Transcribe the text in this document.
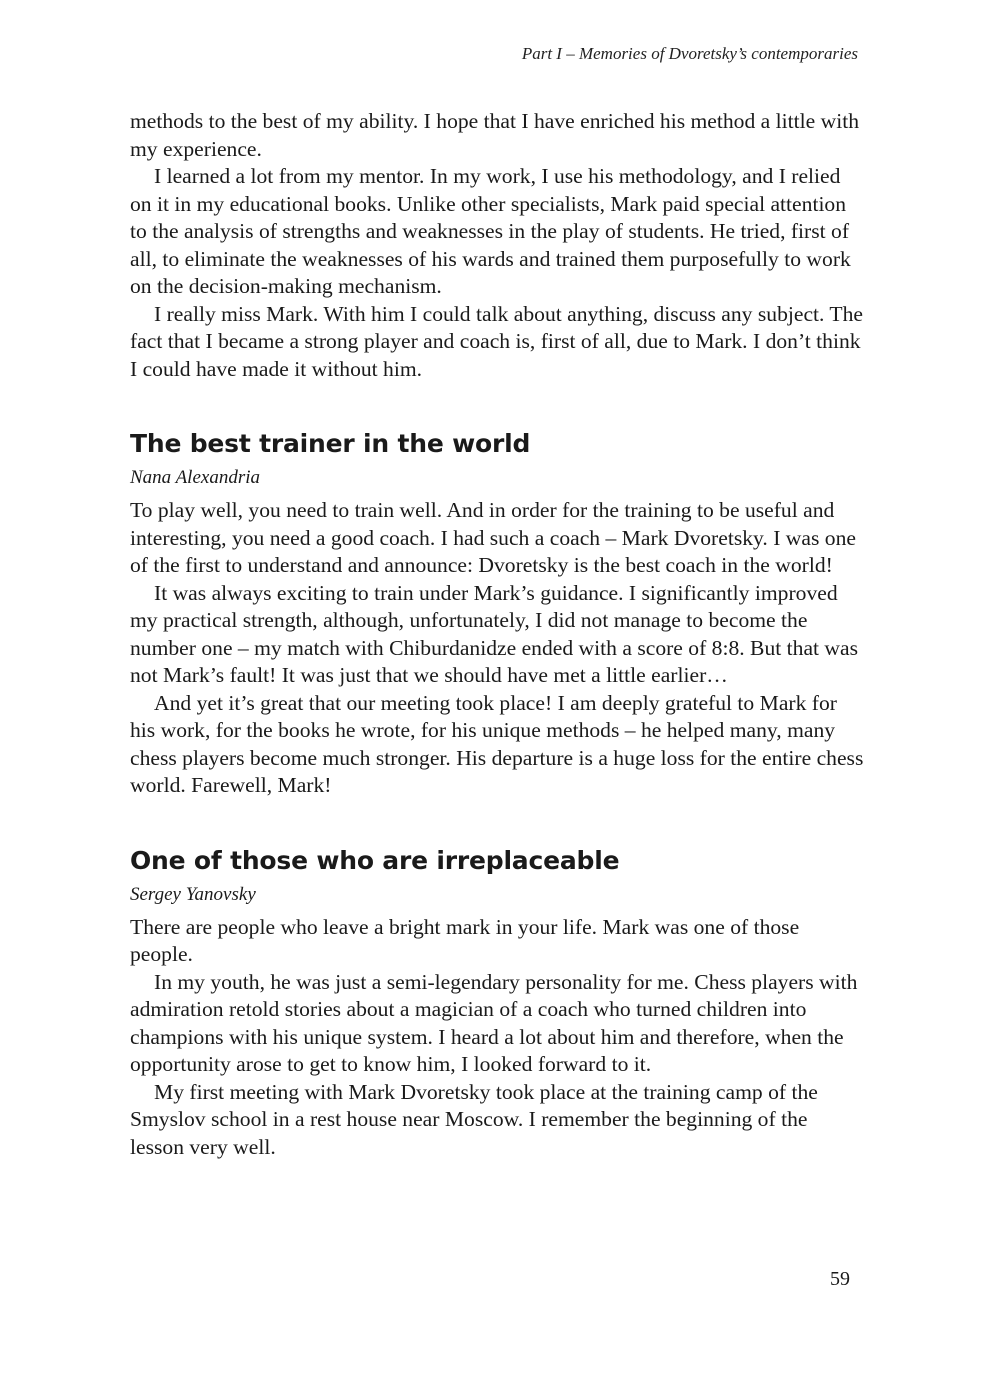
Part I – Memories of Dvoretsky’s contemporaries

methods to the best of my ability. I hope that I have enriched his method a little with my experience.

I learned a lot from my mentor. In my work, I use his methodology, and I relied on it in my educational books. Unlike other specialists, Mark paid special attention to the analysis of strengths and weaknesses in the play of students. He tried, first of all, to eliminate the weaknesses of his wards and trained them purposefully to work on the decision-making mechanism.

I really miss Mark. With him I could talk about anything, discuss any subject. The fact that I became a strong player and coach is, first of all, due to Mark. I don’t think I could have made it without him.

The best trainer in the world
Nana Alexandria

To play well, you need to train well. And in order for the training to be useful and interesting, you need a good coach. I had such a coach – Mark Dvoretsky. I was one of the first to understand and announce: Dvoretsky is the best coach in the world!

It was always exciting to train under Mark’s guidance. I significantly improved my practical strength, although, unfortunately, I did not manage to become the number one – my match with Chiburdanidze ended with a score of 8:8. But that was not Mark’s fault! It was just that we should have met a little earlier…

And yet it’s great that our meeting took place! I am deeply grateful to Mark for his work, for the books he wrote, for his unique methods – he helped many, many chess players become much stronger. His departure is a huge loss for the entire chess world. Farewell, Mark!

One of those who are irreplaceable
Sergey Yanovsky

There are people who leave a bright mark in your life. Mark was one of those people.

In my youth, he was just a semi-legendary personality for me. Chess players with admiration retold stories about a magician of a coach who turned children into champions with his unique system. I heard a lot about him and therefore, when the opportunity arose to get to know him, I looked forward to it.

My first meeting with Mark Dvoretsky took place at the training camp of the Smyslov school in a rest house near Moscow. I remember the beginning of the lesson very well.

59
